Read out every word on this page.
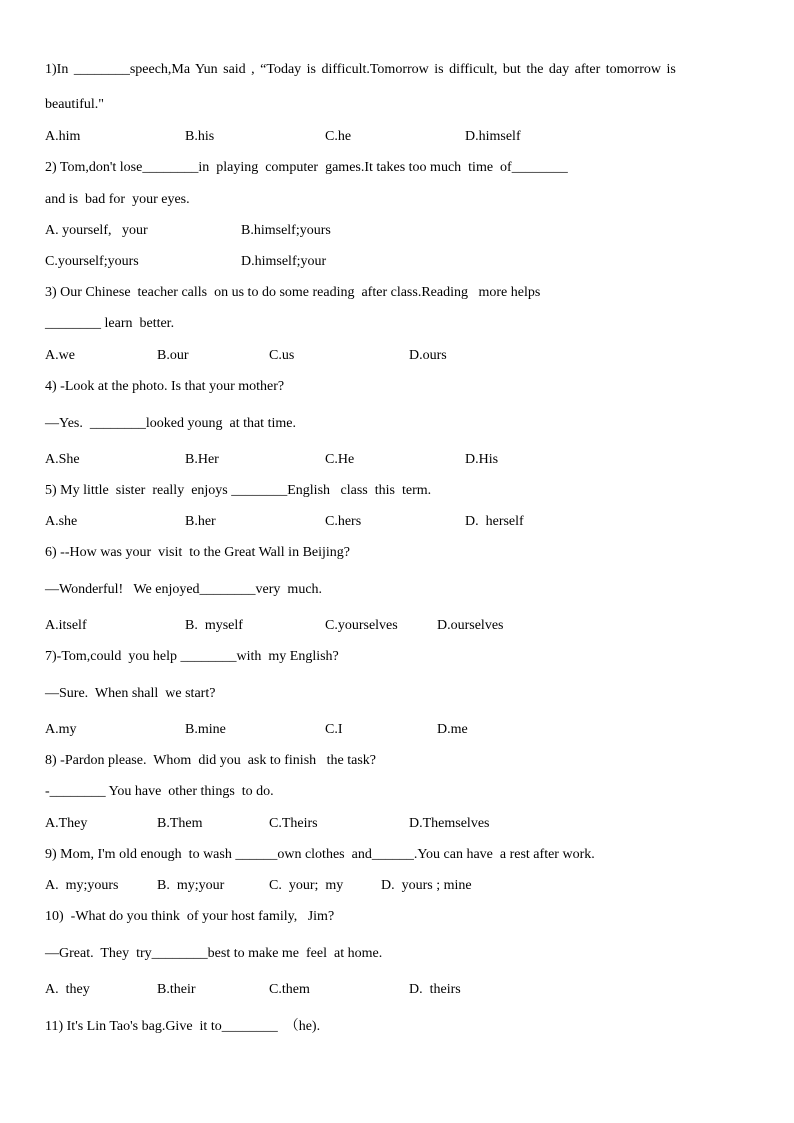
1)In ________speech,Ma Yun said , “Today is difficult.Tomorrow is difficult, but the day after tomorrow is
beautiful."
A.him	B.his	C.he	D.himself
2) Tom,don't lose________in  playing  computer  games.It takes too much  time  of________
and is  bad for  your eyes.
A. yourself,   your	B.himself;yours
C.yourself;yours	D.himself;your
3) Our Chinese  teacher calls  on us to do some reading  after class.Reading   more helps
________ learn  better.
A.we	B.our	C.us	D.ours
4) -Look at the photo. Is that your mother?
—Yes.  ________looked young  at that time.
A.She	B.Her	C.He	D.His
5) My little  sister  really  enjoys ________English   class  this  term.
A.she	B.her	C.hers	D.  herself
6) --How was your  visit  to the Great Wall in Beijing?
—Wonderful!   We enjoyed________very  much.
A.itself	B.  myself	C.yourselves	D.ourselves
7)-Tom,could  you help ________with  my English?
—Sure.  When shall  we start?
A.my	B.mine	C.I	D.me
8) -Pardon please.  Whom  did you  ask to finish   the task?
-________ You have  other things  to do.
A.They	B.Them	C.Theirs	D.Themselves
9) Mom, I'm old enough  to wash ______own clothes  and______.You can have  a rest after work.
A.  my;yours	B.  my;your	C.  your;  my	D.  yours ; mine
10)  -What do you think  of your host family,   Jim?
—Great.  They  try________best to make me  feel  at home.
A.  they	B.their	C.them	D.  theirs
11) It's Lin Tao's bag.Give  it to________  （he).
